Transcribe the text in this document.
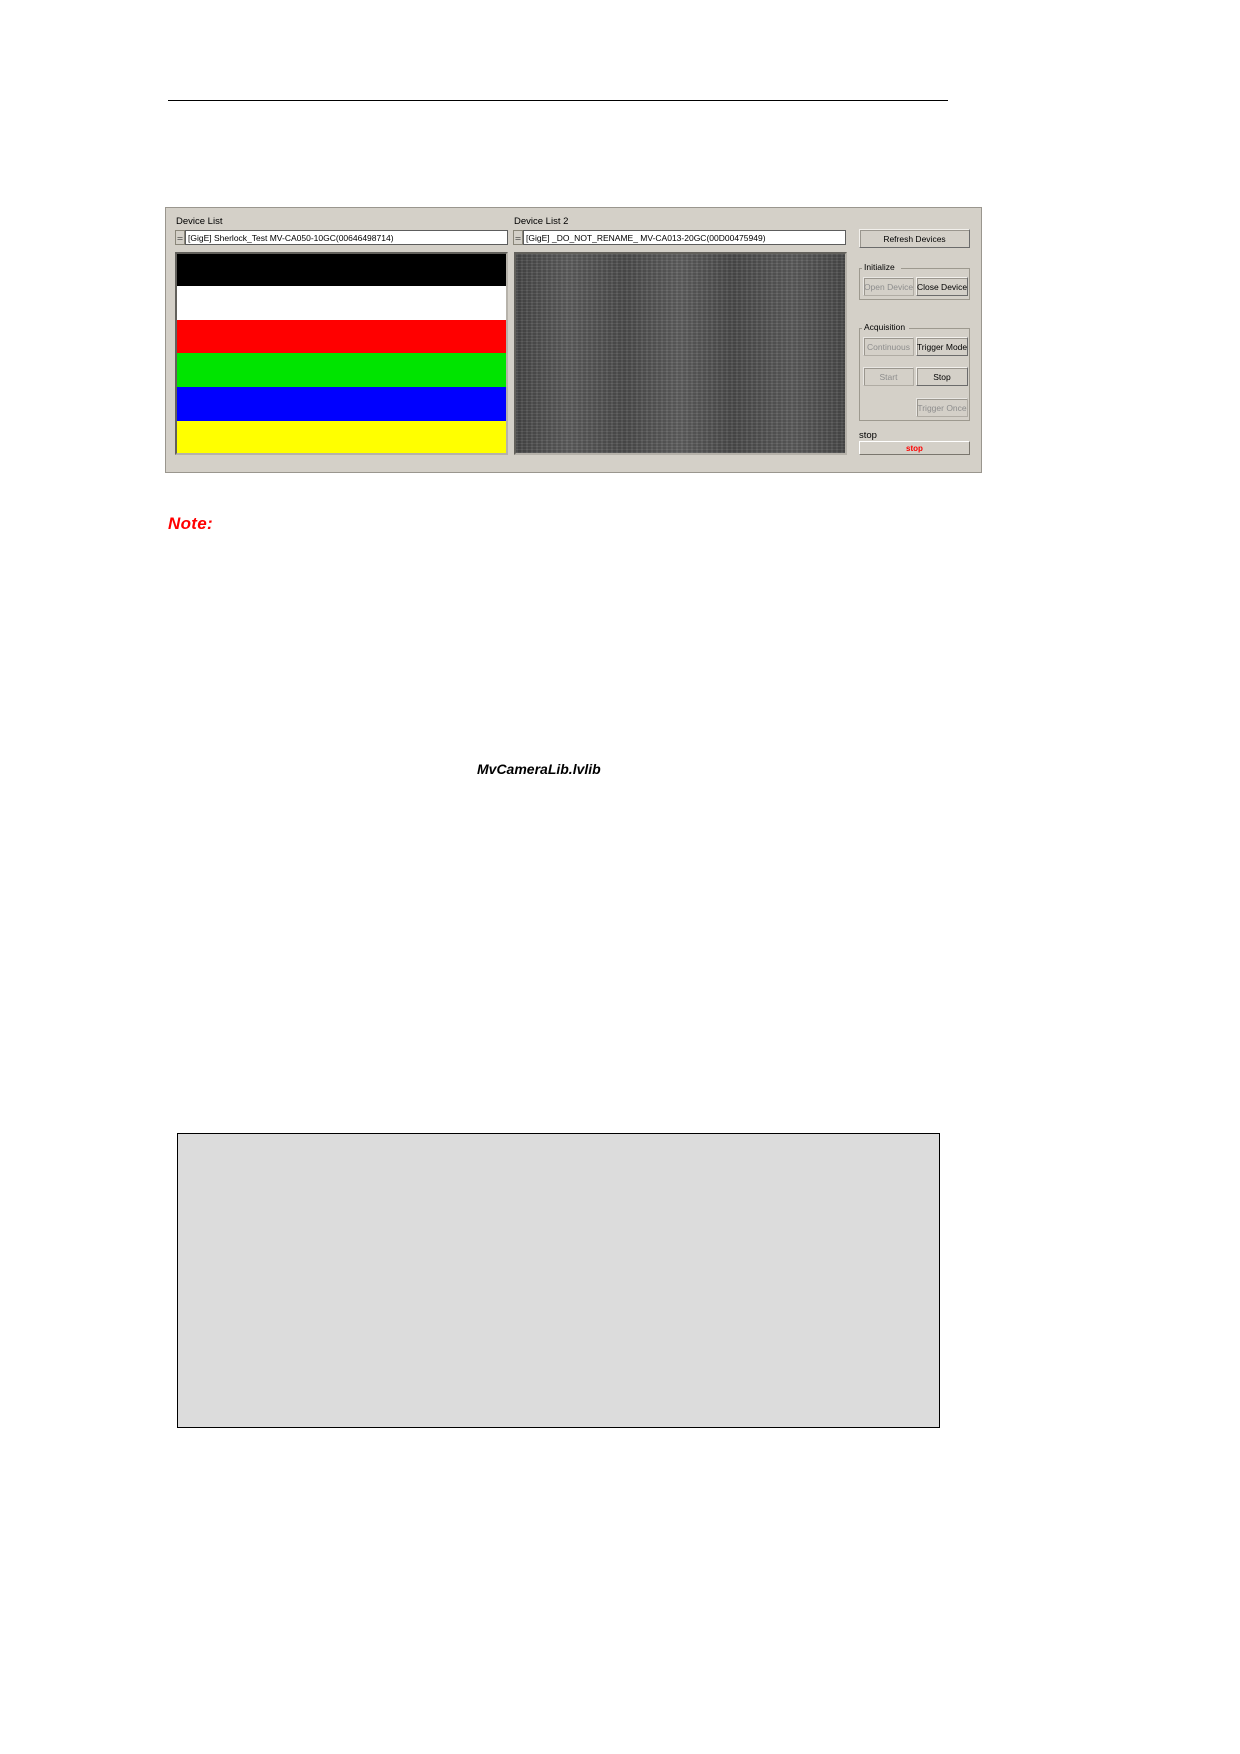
Device List
⚌ [GigE] Sherlock_Test MV-CA050-10GC(00646498714)
Device List 2
⚌ [GigE] _DO_NOT_RENAME_ MV-CA013-20GC(00D00475949)	Refresh Devices
Initialize
Open Device Close Device
Acquisition
Continuous Trigger Mode
Start	Stop
Trigger Once
stop
stop
Note:
MvCameraLib.lvlib
